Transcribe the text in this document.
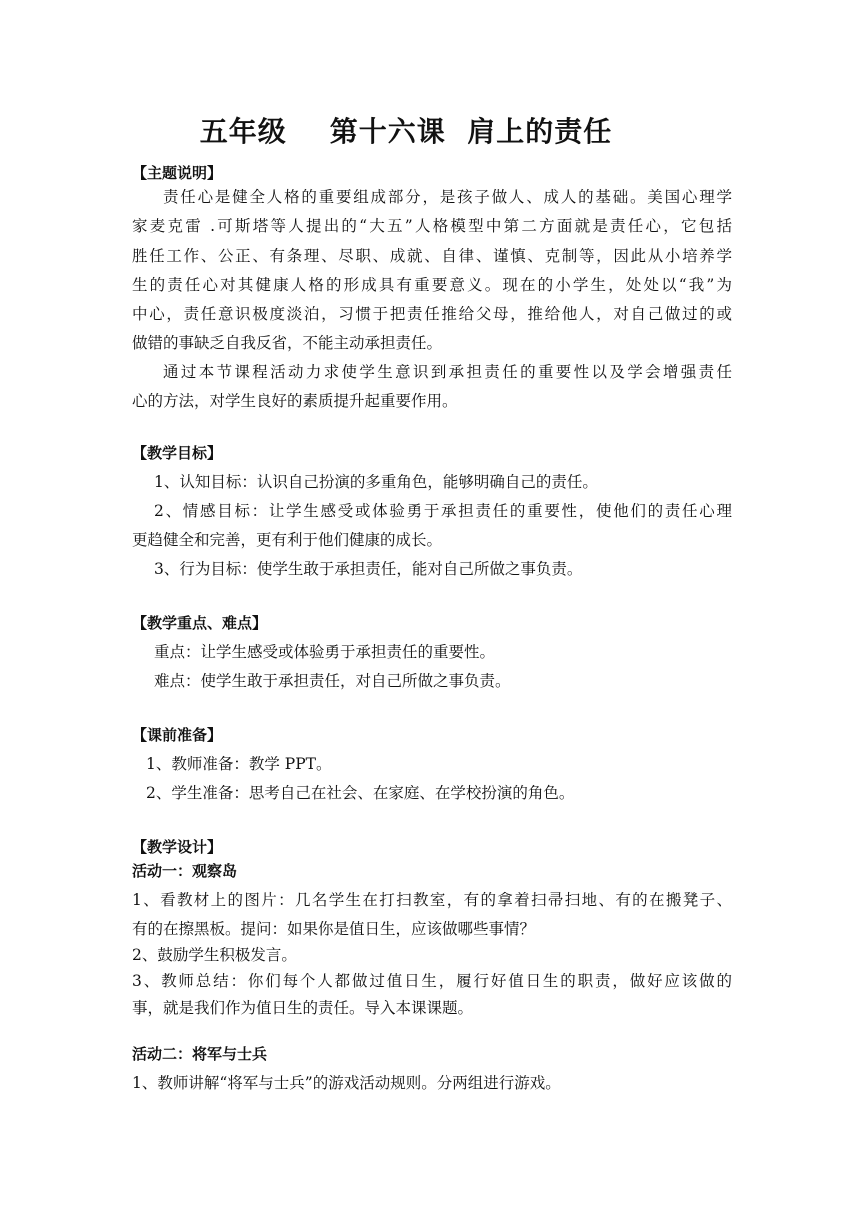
五年级    第十六课  肩上的责任
【主题说明】
责任心是健全人格的重要组成部分，是孩子做人、成人的基础。美国心理学
家麦克雷 .可斯塔等人提出的“大五”人格模型中第二方面就是责任心，它包括
胜任工作、公正、有条理、尽职、成就、自律、谨慎、克制等，因此从小培养学
生的责任心对其健康人格的形成具有重要意义。现在的小学生，处处以“我”为
中心，责任意识极度淡泊，习惯于把责任推给父母，推给他人，对自己做过的或
做错的事缺乏自我反省，不能主动承担责任。
通过本节课程活动力求使学生意识到承担责任的重要性以及学会增强责任
心的方法，对学生良好的素质提升起重要作用。
【教学目标】
1、认知目标：认识自己扮演的多重角色，能够明确自己的责任。
2、情感目标：让学生感受或体验勇于承担责任的重要性，使他们的责任心理
更趋健全和完善，更有利于他们健康的成长。
3、行为目标：使学生敢于承担责任，能对自己所做之事负责。
【教学重点、难点】
重点：让学生感受或体验勇于承担责任的重要性。
难点：使学生敢于承担责任，对自己所做之事负责。
【课前准备】
1、教师准备：教学 PPT。
2、学生准备：思考自己在社会、在家庭、在学校扮演的角色。
【教学设计】
活动一：观察岛
1、看教材上的图片：几名学生在打扫教室，有的拿着扫帚扫地、有的在搬凳子、
有的在擦黑板。提问：如果你是值日生，应该做哪些事情？
2、鼓励学生积极发言。
3、教师总结：你们每个人都做过值日生，履行好值日生的职责，做好应该做的
事，就是我们作为值日生的责任。导入本课课题。
活动二：将军与士兵
1、教师讲解“将军与士兵”的游戏活动规则。分两组进行游戏。
